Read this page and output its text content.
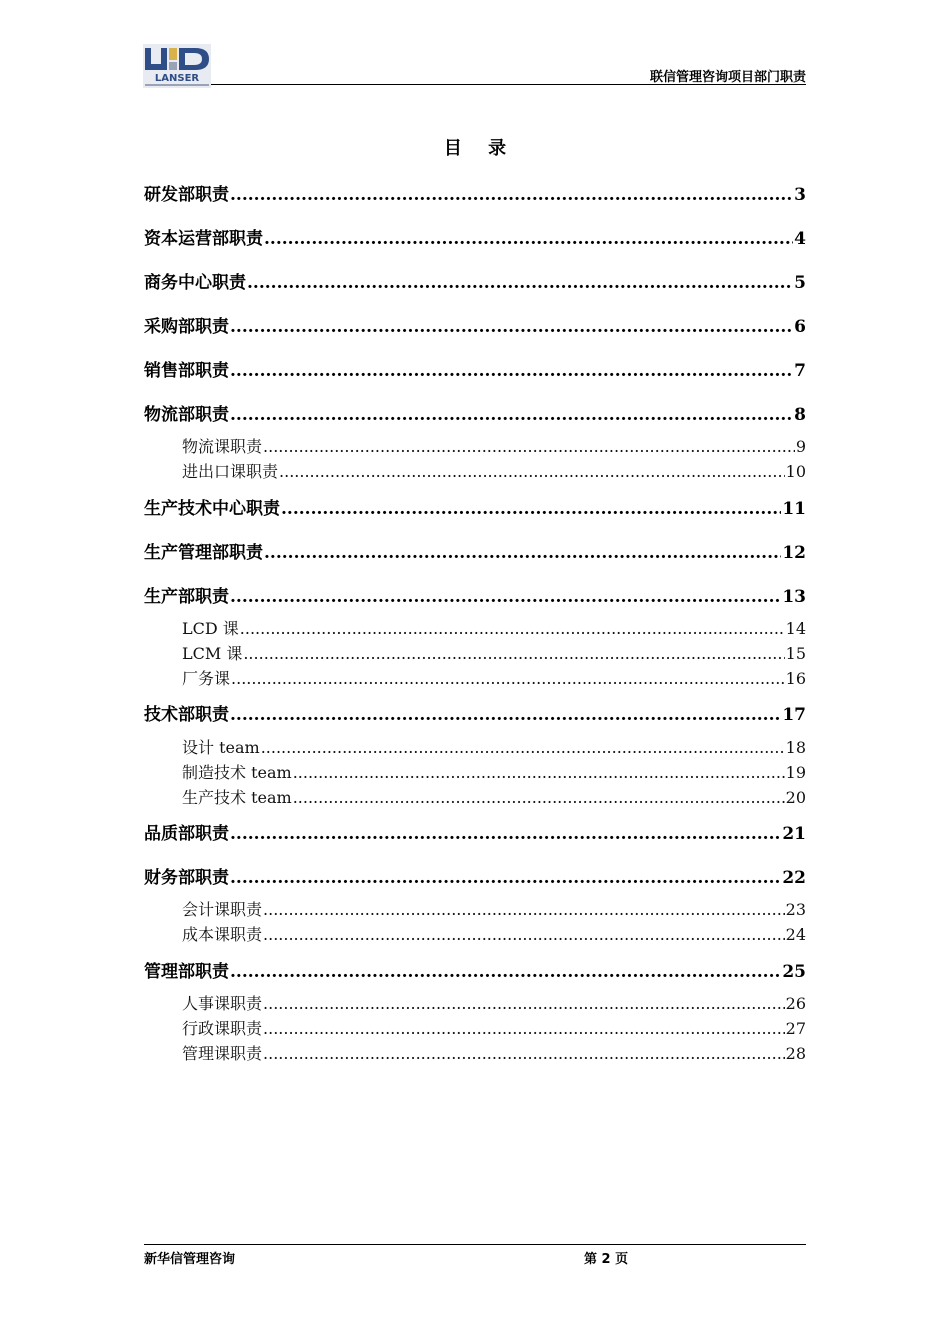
LANSER	联信管理咨询项目部门职责
目 录
研发部职责 .....	3
资本运营部职责 .....	4
商务中心职责 .....	5
采购部职责 .....	6
销售部职责 .....	7
物流部职责 .....	8
物流课职责 .....	9
进出口课职责 .....	10
生产技术中心职责 .....	11
生产管理部职责 .....	12
生产部职责 .....	13
LCD 课 .....	14
LCM 课 .....	15
厂务课 .....	16
技术部职责 .....	17
设计 team .....	18
制造技术 team .....	19
生产技术 team .....	20
品质部职责 .....	21
财务部职责 .....	22
会计课职责 .....	23
成本课职责 .....	24
管理部职责 .....	25
人事课职责 .....	26
行政课职责 .....	27
管理课职责 .....	28
新华信管理咨询	第 2 页
